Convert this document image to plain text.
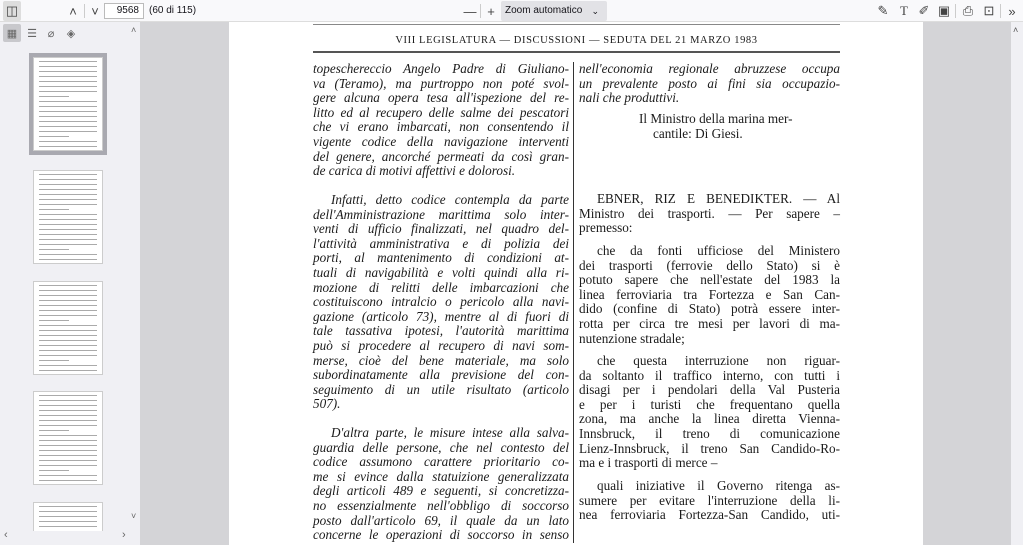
◫	˄ ˅	9568	(60 di 115)	— +	Zoom automatico ⌄	✎ T ✐ ▣ ⎙ ⊡ »
▦ ☰ ⌀ ◈
‹	›
˄
˅
VIII LEGISLATURA — DISCUSSIONI — SEDUTA DEL 21 MARZO 1983
topeschereccio Angelo Padre di Giuliano-
va (Teramo), ma purtroppo non poté svol-
gere alcuna opera tesa all'ispezione del re-
litto ed al recupero delle salme dei pescatori
che vi erano imbarcati, non consentendo il
vigente codice della navigazione interventi
del genere, ancorché permeati da così gran-
de carica di motivi affettivi e dolorosi.
Infatti, detto codice contempla da parte
dell'Amministrazione marittima solo inter-
venti di ufficio finalizzati, nel quadro del-
l'attività amministrativa e di polizia dei
porti, al mantenimento di condizioni at-
tuali di navigabilità e volti quindi alla ri-
mozione di relitti delle imbarcazioni che
costituiscono intralcio o pericolo alla navi-
gazione (articolo 73), mentre al di fuori di
tale tassativa ipotesi, l'autorità marittima
può si procedere al recupero di navi som-
merse, cioè del bene materiale, ma solo
subordinatamente alla previsione del con-
seguimento di un utile risultato (articolo
507).
D'altra parte, le misure intese alla salva-
guardia delle persone, che nel contesto del
codice assumono carattere prioritario co-
me si evince dalla statuizione generalizzata
degli articoli 489 e seguenti, si concretizza-
no essenzialmente nell'obbligo di soccorso
posto dall'articolo 69, il quale da un lato
concerne le operazioni di soccorso in senso
nell'economia regionale abruzzese occupa
un prevalente posto ai fini sia occupazio-
nali che produttivi.
Il Ministro della marina mer-
cantile: Di Giesi.
EBNER, RIZ E BENEDIKTER. — Al
Ministro dei trasporti. — Per sapere –
premesso:
che da fonti ufficiose del Ministero
dei trasporti (ferrovie dello Stato) si è
potuto sapere che nell'estate del 1983 la
linea ferroviaria tra Fortezza e San Can-
dido (confine di Stato) potrà essere inter-
rotta per circa tre mesi per lavori di ma-
nutenzione stradale;
che questa interruzione non riguar-
da soltanto il traffico interno, con tutti i
disagi per i pendolari della Val Pusteria
e per i turisti che frequentano quella
zona, ma anche la linea diretta Vienna-
Innsbruck, il treno di comunicazione
Lienz-Innsbruck, il treno San Candido-Ro-
ma e i trasporti di merce –
quali iniziative il Governo ritenga as-
sumere per evitare l'interruzione della li-
nea ferroviaria Fortezza-San Candido, uti-
˄
